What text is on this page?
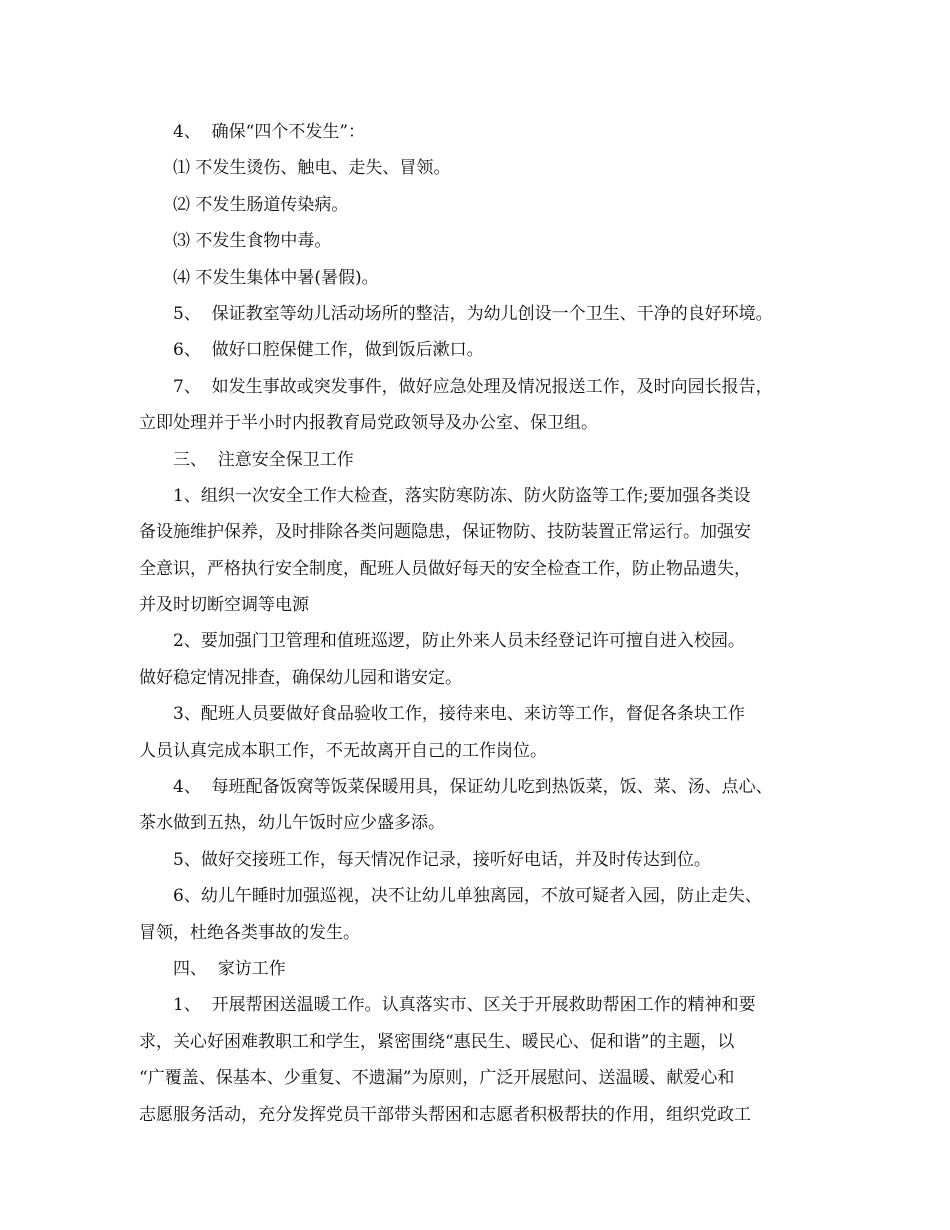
4、  确保“四个不发生”：

⑴ 不发生烫伤、触电、走失、冒领。

⑵ 不发生肠道传染病。

⑶ 不发生食物中毒。

⑷ 不发生集体中暑(暑假)。

5、  保证教室等幼儿活动场所的整洁，为幼儿创设一个卫生、干净的良好环境。

6、  做好口腔保健工作，做到饭后漱口。

7、  如发生事故或突发事件，做好应急处理及情况报送工作，及时向园长报告，

立即处理并于半小时内报教育局党政领导及办公室、保卫组。

三、  注意安全保卫工作

1、组织一次安全工作大检查，落实防寒防冻、防火防盗等工作;要加强各类设

备设施维护保养，及时排除各类问题隐患，保证物防、技防装置正常运行。加强安

全意识，严格执行安全制度，配班人员做好每天的安全检查工作，防止物品遗失，

并及时切断空调等电源

2、要加强门卫管理和值班巡逻，防止外来人员未经登记许可擅自进入校园。

做好稳定情况排查，确保幼儿园和谐安定。

3、配班人员要做好食品验收工作，接待来电、来访等工作，督促各条块工作

人员认真完成本职工作，不无故离开自己的工作岗位。

4、  每班配备饭窝等饭菜保暖用具，保证幼儿吃到热饭菜，饭、菜、汤、点心、

茶水做到五热，幼儿午饭时应少盛多添。

5、做好交接班工作，每天情况作记录，接听好电话，并及时传达到位。

6、幼儿午睡时加强巡视，决不让幼儿单独离园，不放可疑者入园，防止走失、

冒领，杜绝各类事故的发生。

四、  家访工作

1、  开展帮困送温暖工作。认真落实市、区关于开展救助帮困工作的精神和要

求，关心好困难教职工和学生，紧密围绕“惠民生、暖民心、促和谐”的主题，以

“广覆盖、保基本、少重复、不遗漏”为原则，广泛开展慰问、送温暖、献爱心和

志愿服务活动，充分发挥党员干部带头帮困和志愿者积极帮扶的作用，组织党政工
